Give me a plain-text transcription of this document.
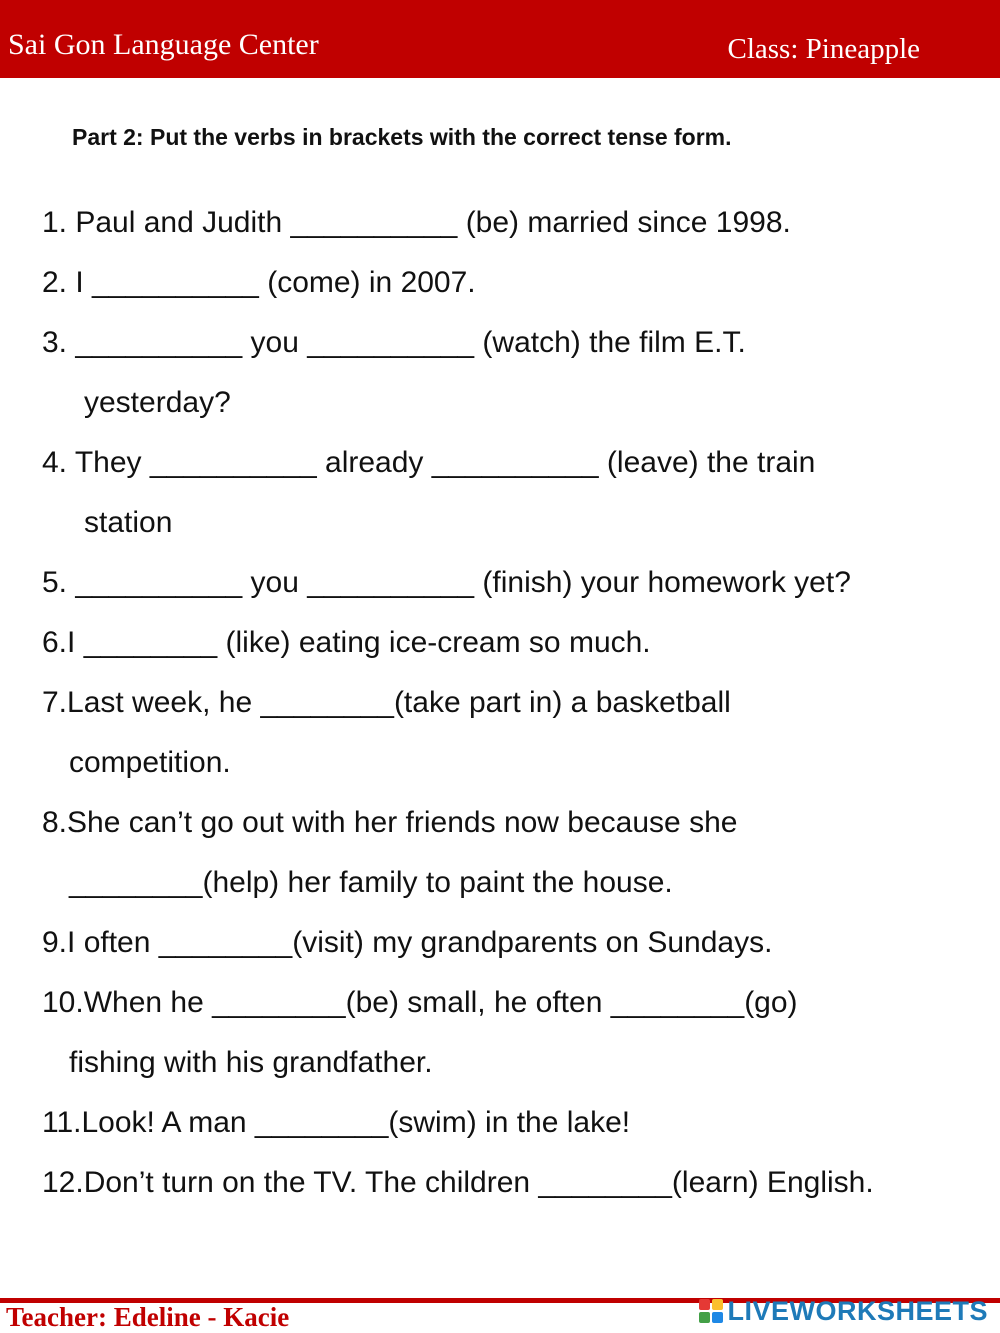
Sai Gon Language Center	Class: Pineapple
Part 2: Put the verbs in brackets with the correct tense form.
1. Paul and Judith __________ (be) married since 1998.
2. I __________ (come) in 2007.
3. __________ you __________ (watch) the film E.T.
yesterday?
4. They __________ already __________ (leave) the train
station
5. __________ you __________ (finish) your homework yet?
6.I ________ (like) eating ice-cream so much.
7.Last week, he ________(take part in) a basketball
competition.
8.She can’t go out with her friends now because she
________(help) her family to paint the house.
9.I often ________(visit) my grandparents on Sundays.
10.When he ________(be) small, he often ________(go)
fishing with his grandfather.
11.Look! A man ________(swim) in the lake!
12.Don’t turn on the TV. The children ________(learn) English.
Teacher: Edeline - Kacie	LIVEWORKSHEETS
